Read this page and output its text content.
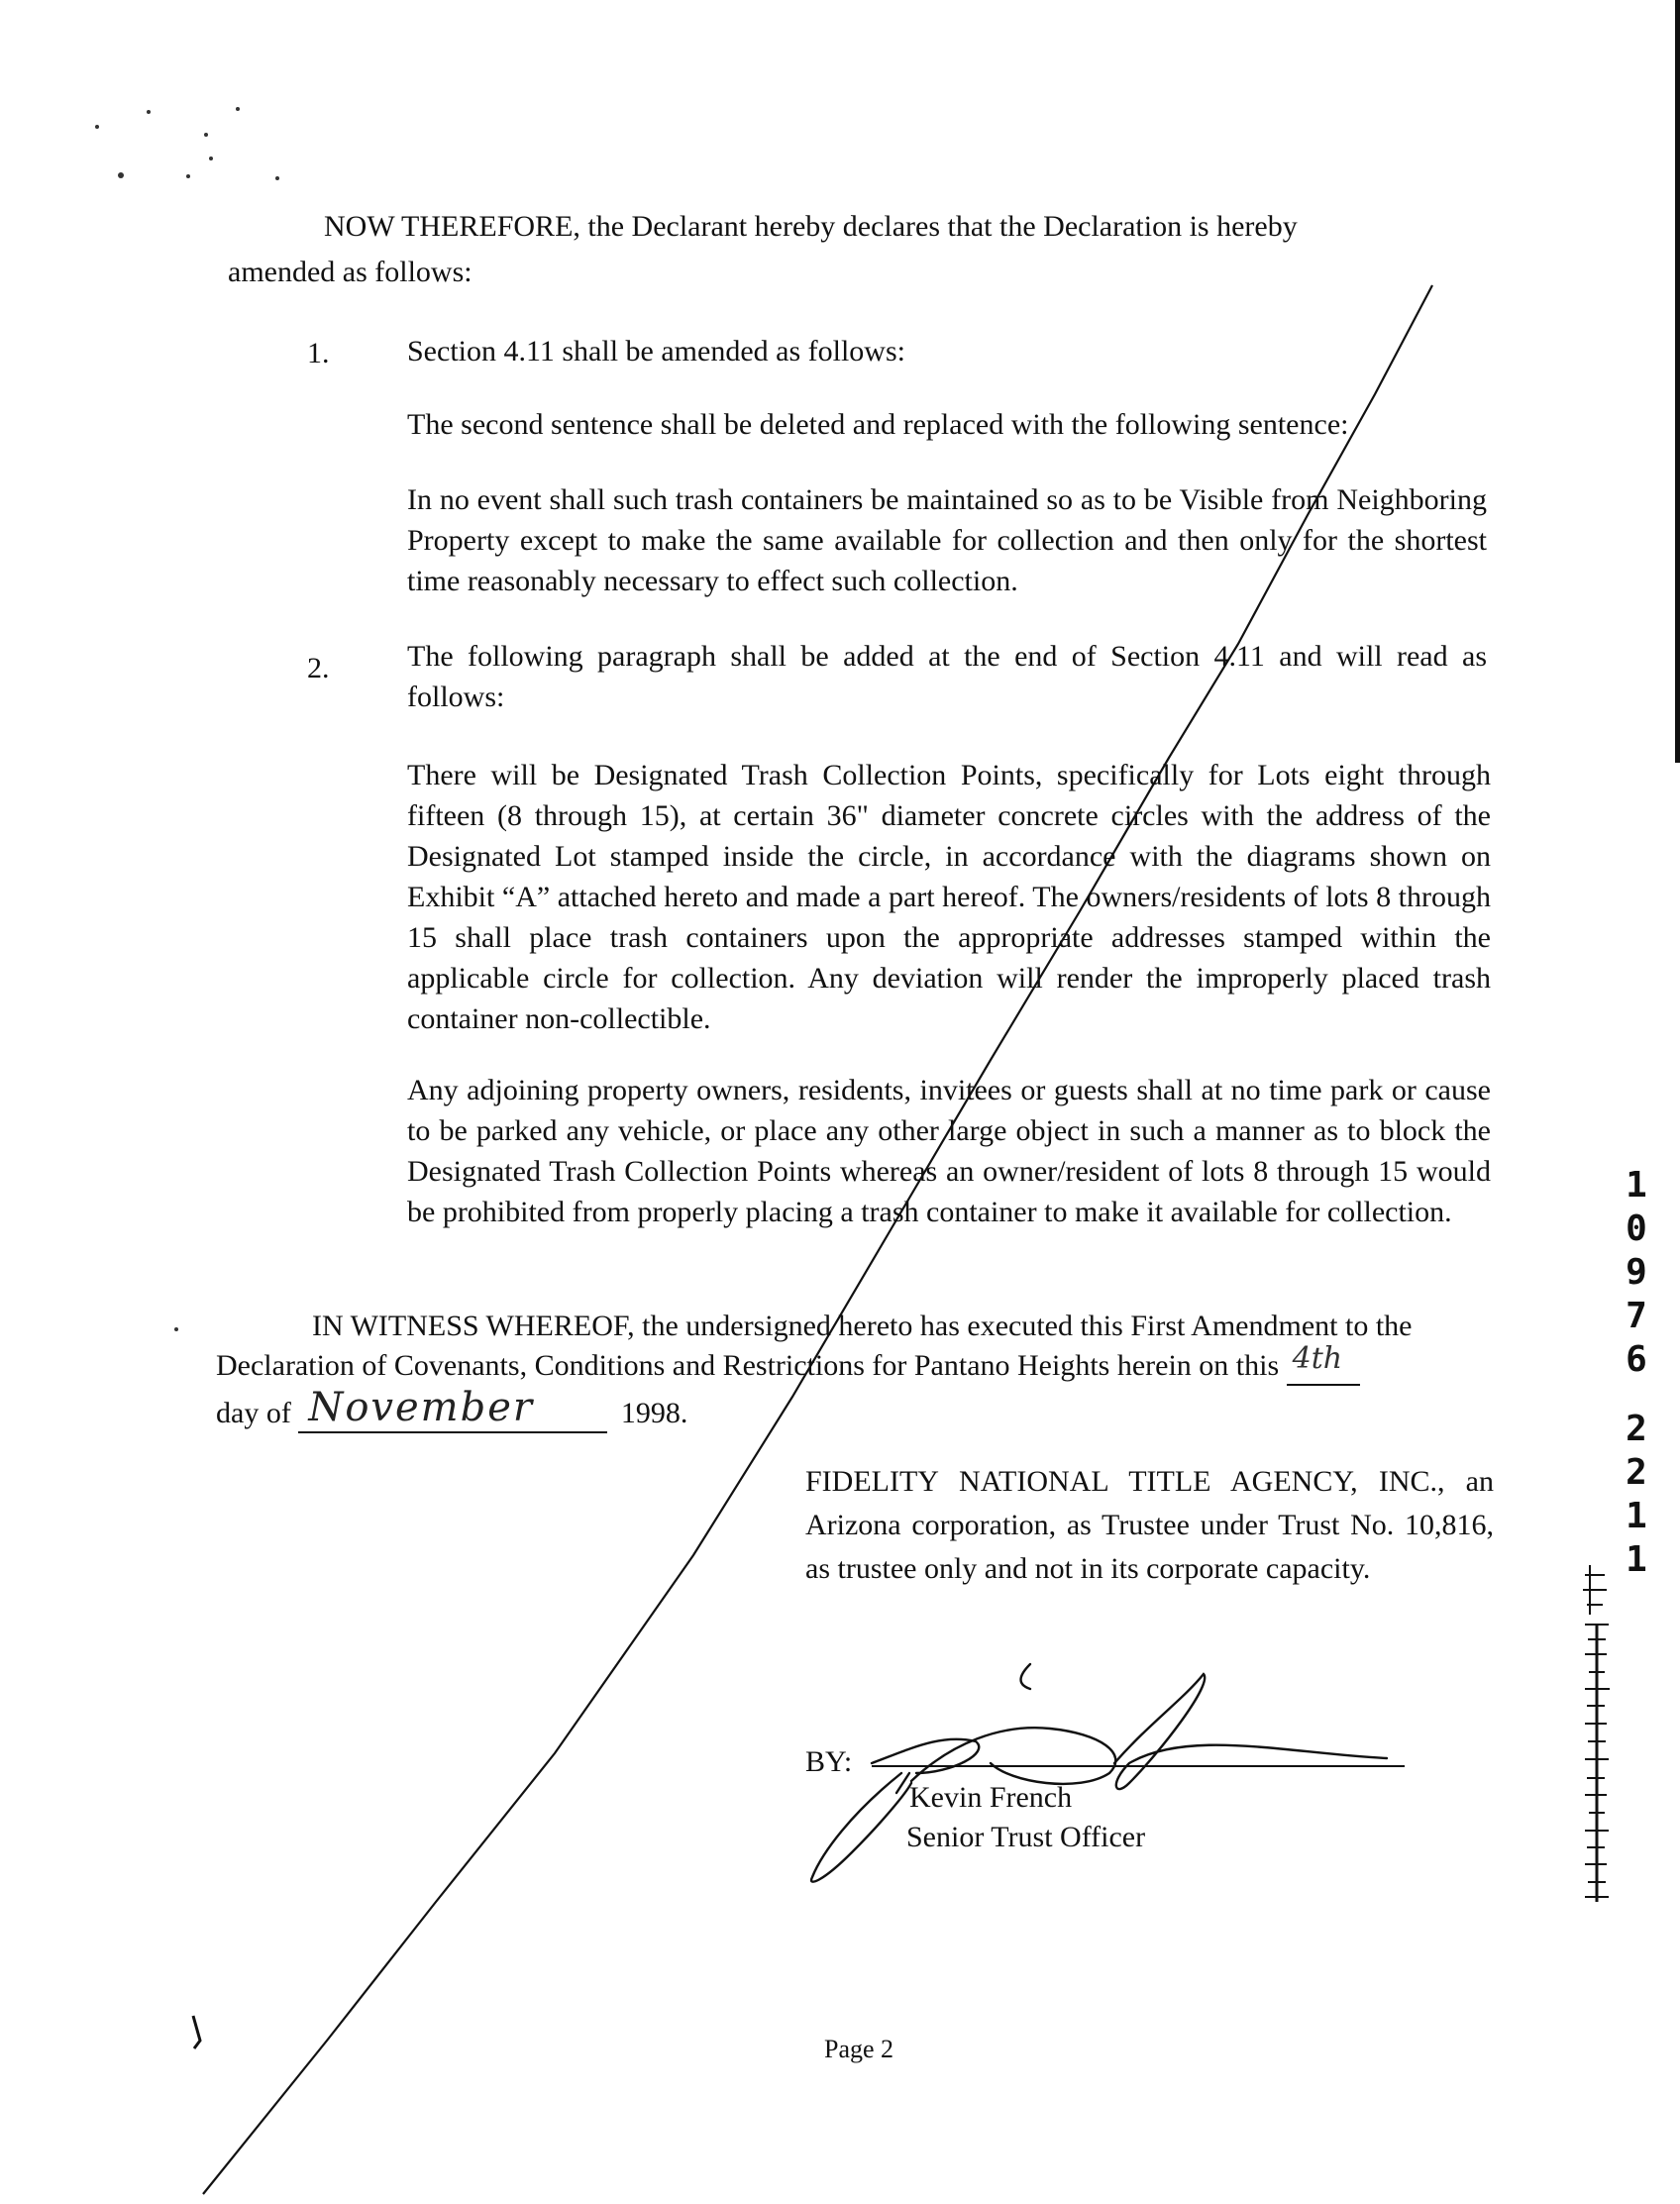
NOW THEREFORE, the Declarant hereby declares that the Declaration is hereby

amended as follows:

1.	Section 4.11 shall be amended as follows:

The second sentence shall be deleted and replaced with the following sentence:

In no event shall such trash containers be maintained so as to be Visible from Neighboring Property except to make the same available for collection and then only for the shortest time reasonably necessary to effect such collection.

2.	The following paragraph shall be added at the end of Section 4.11 and will read as follows:

There will be Designated Trash Collection Points, specifically for Lots eight through fifteen (8 through 15), at certain 36" diameter concrete circles with the address of the Designated Lot stamped inside the circle, in accordance with the diagrams shown on Exhibit “A” attached hereto and made a part hereof. The owners/residents of lots 8 through 15 shall place trash containers upon the appropriate addresses stamped within the applicable circle for collection. Any deviation will render the improperly placed trash container non-collectible.

Any adjoining property owners, residents, invitees or guests shall at no time park or cause to be parked any vehicle, or place any other large object in such a manner as to block the Designated Trash Collection Points whereas an owner/resident of lots 8 through 15 would be prohibited from properly placing a trash container to make it available for collection.

IN WITNESS WHEREOF, the undersigned hereto has executed this First Amendment to the

Declaration of Covenants, Conditions and Restrictions for Pantano Heights herein on this 4th
day of November	1998.

FIDELITY NATIONAL TITLE AGENCY, INC., an Arizona corporation, as Trustee under Trust No. 10,816, as trustee only and not in its corporate capacity.

BY:
Kevin French
Senior Trust Officer
Page 2
1
0
9
7
6
2
2
1
1
